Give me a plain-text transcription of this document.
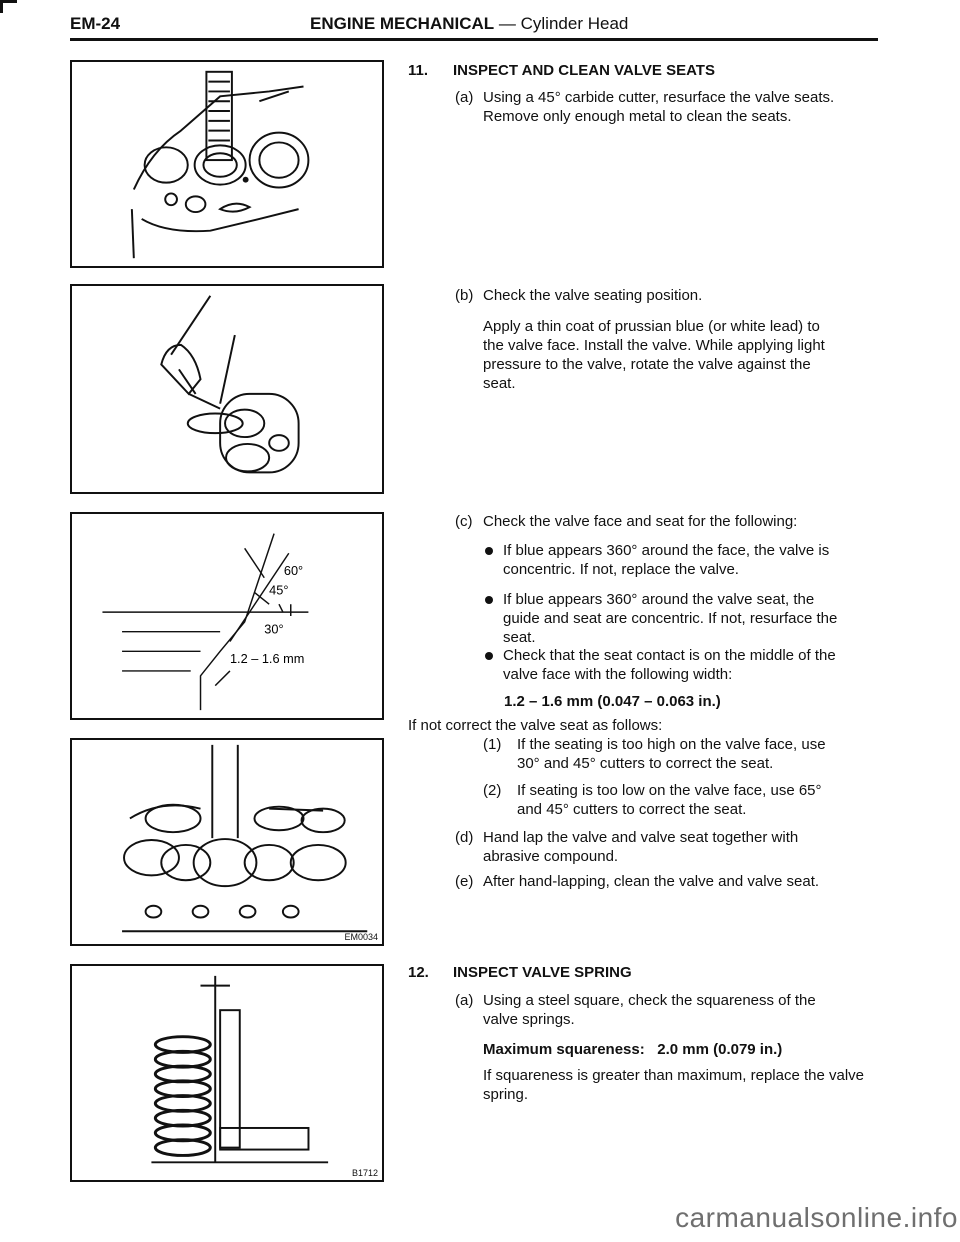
EM-24	ENGINE MECHANICAL — Cylinder Head
60°
45°
30°
1.2 – 1.6 mm
EM0034
B1712
11. INSPECT AND CLEAN VALVE SEATS
(a) Using a 45° carbide cutter, resurface the valve seats.
Remove only enough metal to clean the seats.
(b) Check the valve seating position.
Apply a thin coat of prussian blue (or white lead) to
the valve face. Install the valve. While applying light
pressure to the valve, rotate the valve against the
seat.
(c) Check the valve face and seat for the following:
If blue appears 360° around the face, the valve is
concentric. If not, replace the valve.
If blue appears 360° around the valve seat, the
guide and seat are concentric. If not, resurface the
seat.
Check that the seat contact is on the middle of the
valve face with the following width:
1.2 – 1.6 mm (0.047 – 0.063 in.)
If not correct the valve seat as follows:
(1) If the seating is too high on the valve face, use
30° and 45° cutters to correct the seat.
(2) If seating is too low on the valve face, use 65°
and 45° cutters to correct the seat.
(d) Hand lap the valve and valve seat together with
abrasive compound.
(e) After hand-lapping, clean the valve and valve seat.
12. INSPECT VALVE SPRING
(a) Using a steel square, check the squareness of the
valve springs.
Maximum squareness: 2.0 mm (0.079 in.)
If squareness is greater than maximum, replace the valve
spring.
carmanualsonline.info
